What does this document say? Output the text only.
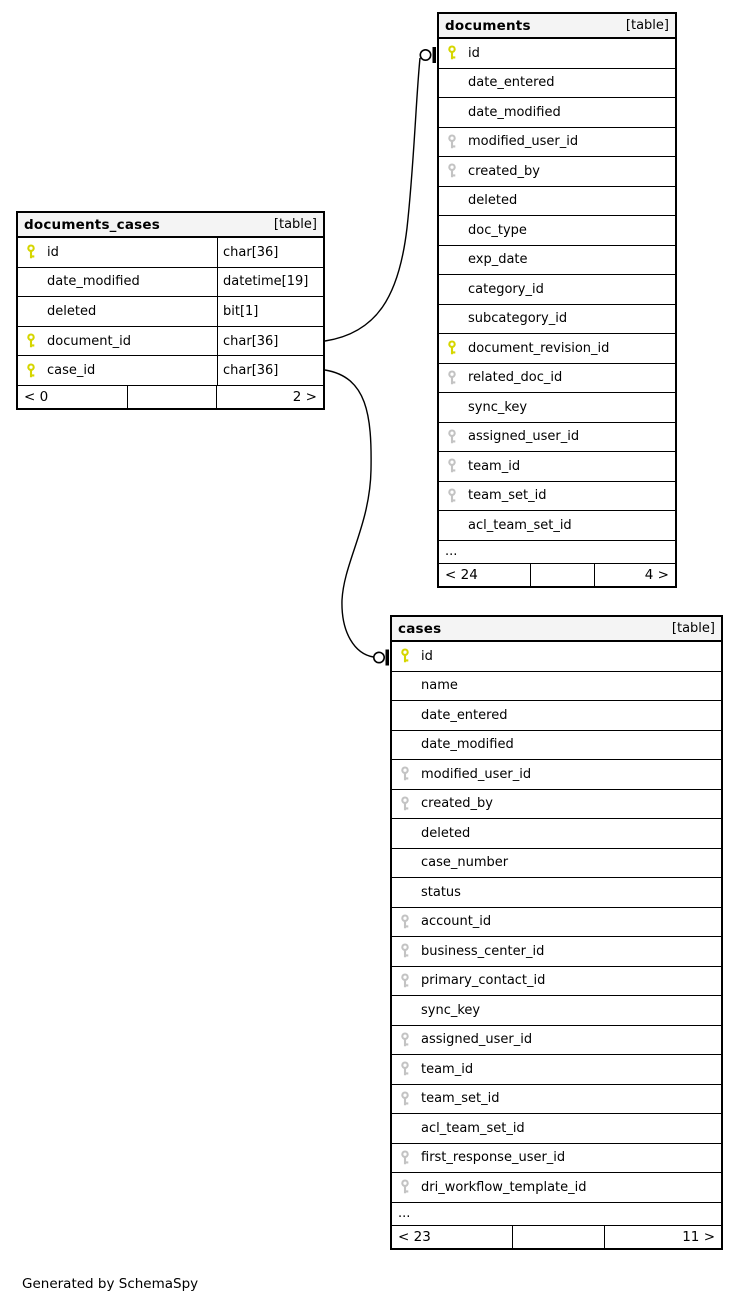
documents_cases	[table]
id	char[36]
date_modified	datetime[19]
deleted	bit[1]
document_id	char[36]
case_id	char[36]
< 0	2 >
documents	[table]
id
date_entered
date_modified
modified_user_id
created_by
deleted
doc_type
exp_date
category_id
subcategory_id
document_revision_id
related_doc_id
sync_key
assigned_user_id
team_id
team_set_id
acl_team_set_id
...
< 24	4 >
cases	[table]
id
name
date_entered
date_modified
modified_user_id
created_by
deleted
case_number
status
account_id
business_center_id
primary_contact_id
sync_key
assigned_user_id
team_id
team_set_id
acl_team_set_id
first_response_user_id
dri_workflow_template_id
...
< 23	11 >
Generated by SchemaSpy
